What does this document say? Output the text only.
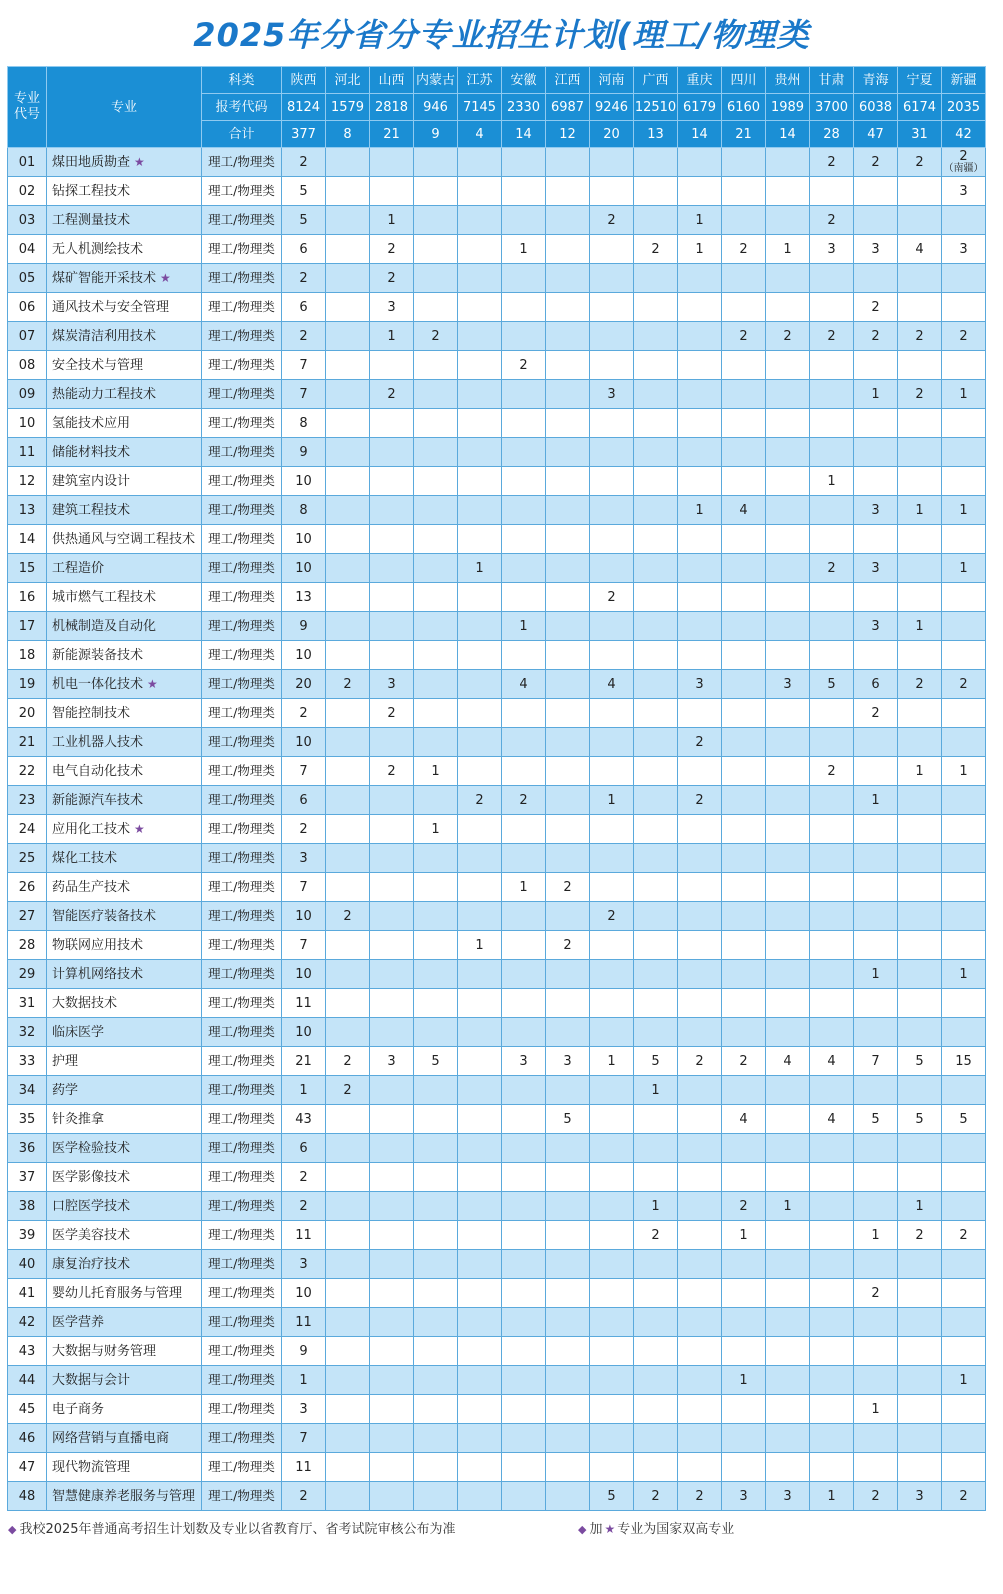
2025年分省分专业招生计划(理工/物理类
专业代号	专业	科类	陕西	河北	山西	内蒙古	江苏	安徽	江西	河南	广西	重庆	四川	贵州	甘肃	青海	宁夏	新疆
		报考代码	8124	1579	2818	946	7145	2330	6987	9246	12510	6179	6160	1989	3700	6038	6174	2035
		合计	377	8	21	9	4	14	12	20	13	14	21	14	28	47	31	42
01	煤田地质勘查 ★	理工/物理类	2												2	2	2	2
（南疆）

02	钻探工程技术	理工/物理类	5															3
03	工程测量技术	理工/物理类	5		1					2		1			2			
04	无人机测绘技术	理工/物理类	6		2			1			2	1	2	1	3	3	4	3
05	煤矿智能开采技术 ★	理工/物理类	2		2													
06	通风技术与安全管理	理工/物理类	6		3											2		
07	煤炭清洁利用技术	理工/物理类	2		1	2							2	2	2	2	2	2
08	安全技术与管理	理工/物理类	7					2										
09	热能动力工程技术	理工/物理类	7		2					3						1	2	1
10	氢能技术应用	理工/物理类	8															
11	储能材料技术	理工/物理类	9															
12	建筑室内设计	理工/物理类	10												1			
13	建筑工程技术	理工/物理类	8									1	4			3	1	1
14	供热通风与空调工程技术	理工/物理类	10															
15	工程造价	理工/物理类	10				1								2	3		1
16	城市燃气工程技术	理工/物理类	13							2								
17	机械制造及自动化	理工/物理类	9					1								3	1	
18	新能源装备技术	理工/物理类	10															
19	机电一体化技术 ★	理工/物理类	20	2	3			4		4		3		3	5	6	2	2
20	智能控制技术	理工/物理类	2		2											2		
21	工业机器人技术	理工/物理类	10									2						
22	电气自动化技术	理工/物理类	7		2	1									2		1	1
23	新能源汽车技术	理工/物理类	6				2	2		1		2				1		
24	应用化工技术 ★	理工/物理类	2			1												
25	煤化工技术	理工/物理类	3															
26	药品生产技术	理工/物理类	7					1	2									
27	智能医疗装备技术	理工/物理类	10	2						2								
28	物联网应用技术	理工/物理类	7				1		2									
29	计算机网络技术	理工/物理类	10													1		1
31	大数据技术	理工/物理类	11															
32	临床医学	理工/物理类	10															
33	护理	理工/物理类	21	2	3	5		3	3	1	5	2	2	4	4	7	5	15
34	药学	理工/物理类	1	2							1							
35	针灸推拿	理工/物理类	43						5				4		4	5	5	5
36	医学检验技术	理工/物理类	6															
37	医学影像技术	理工/物理类	2															
38	口腔医学技术	理工/物理类	2								1		2	1			1	
39	医学美容技术	理工/物理类	11								2		1			1	2	2
40	康复治疗技术	理工/物理类	3															
41	婴幼儿托育服务与管理	理工/物理类	10													2		
42	医学营养	理工/物理类	11															
43	大数据与财务管理	理工/物理类	9															
44	大数据与会计	理工/物理类	1										1					1
45	电子商务	理工/物理类	3													1		
46	网络营销与直播电商	理工/物理类	7															
47	现代物流管理	理工/物理类	11															
48	智慧健康养老服务与管理	理工/物理类	2							5	2	2	3	3	1	2	3	2
◆ 我校2025年普通高考招生计划数及专业以省教育厅、省考试院审核公布为准	◆ 加 ★ 专业为国家双高专业
